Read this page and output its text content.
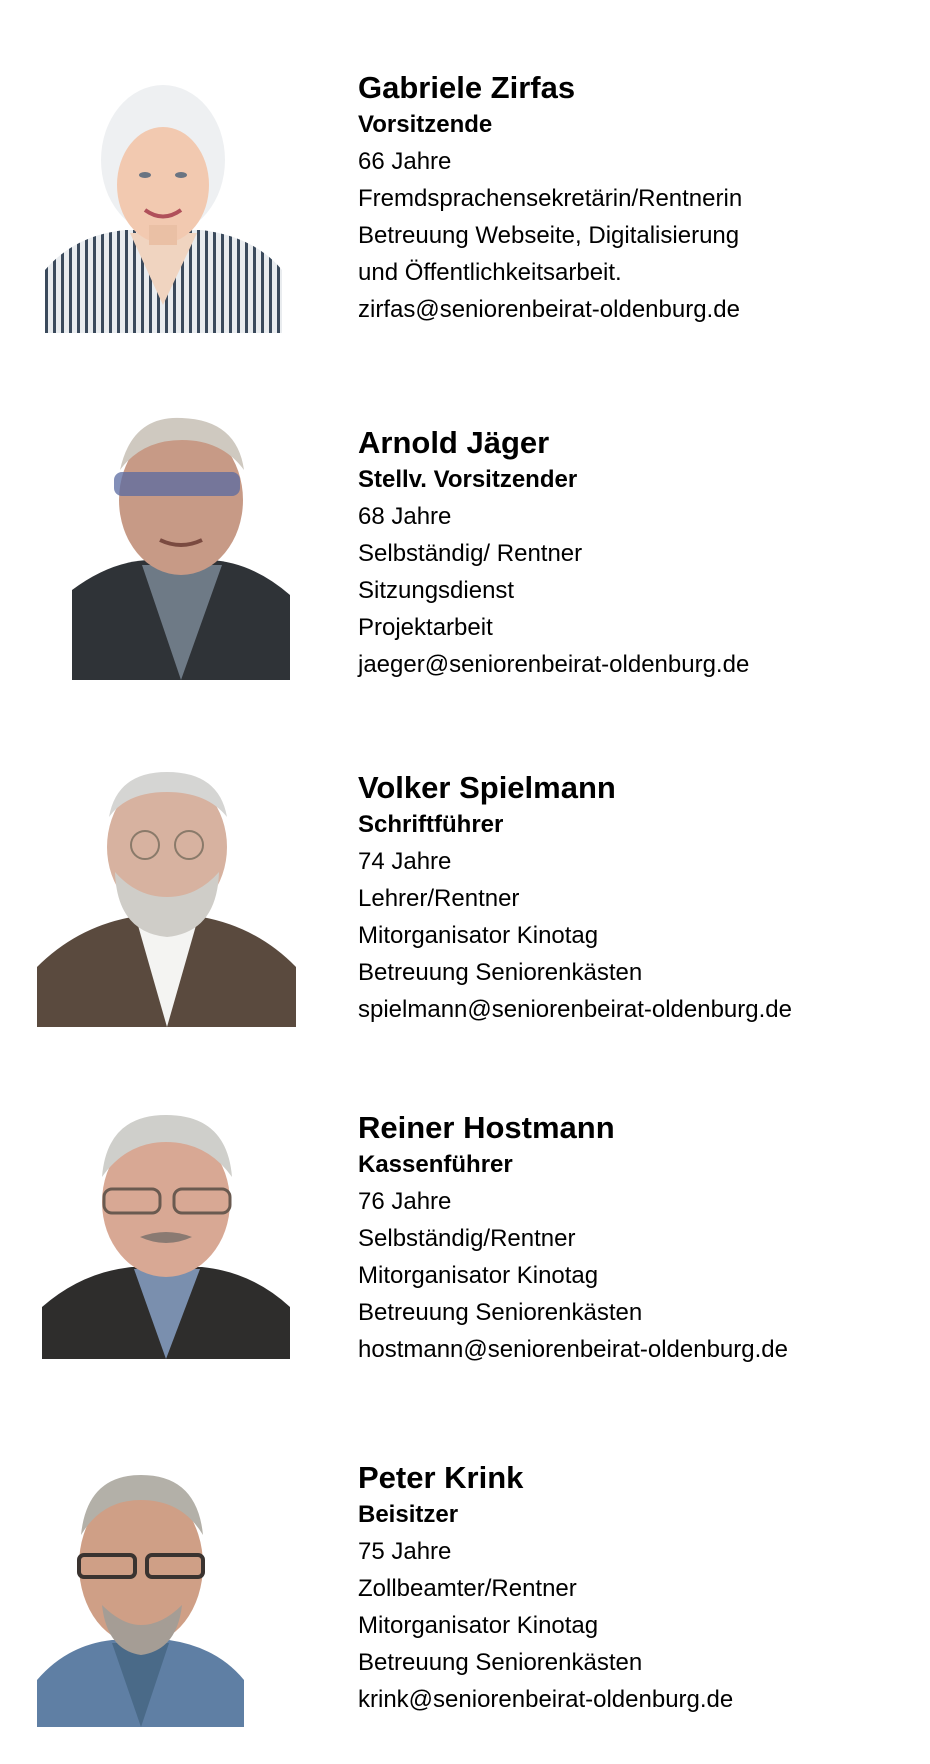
Gabriele Zirfas
Vorsitzende
66 Jahre
Fremdsprachensekretärin/Rentnerin
Betreuung Webseite, Digitalisierung
und Öffentlichkeitsarbeit.
zirfas@seniorenbeirat-oldenburg.de
Arnold Jäger
Stellv. Vorsitzender
68 Jahre
Selbständig/ Rentner
Sitzungsdienst
Projektarbeit
jaeger@seniorenbeirat-oldenburg.de
Volker Spielmann
Schriftführer
74 Jahre
Lehrer/Rentner
Mitorganisator Kinotag
Betreuung Seniorenkästen
spielmann@seniorenbeirat-oldenburg.de
Reiner Hostmann
Kassenführer
76 Jahre
Selbständig/Rentner
Mitorganisator Kinotag
Betreuung Seniorenkästen
hostmann@seniorenbeirat-oldenburg.de
Peter Krink
Beisitzer
75 Jahre
Zollbeamter/Rentner
Mitorganisator Kinotag
Betreuung Seniorenkästen
krink@seniorenbeirat-oldenburg.de
